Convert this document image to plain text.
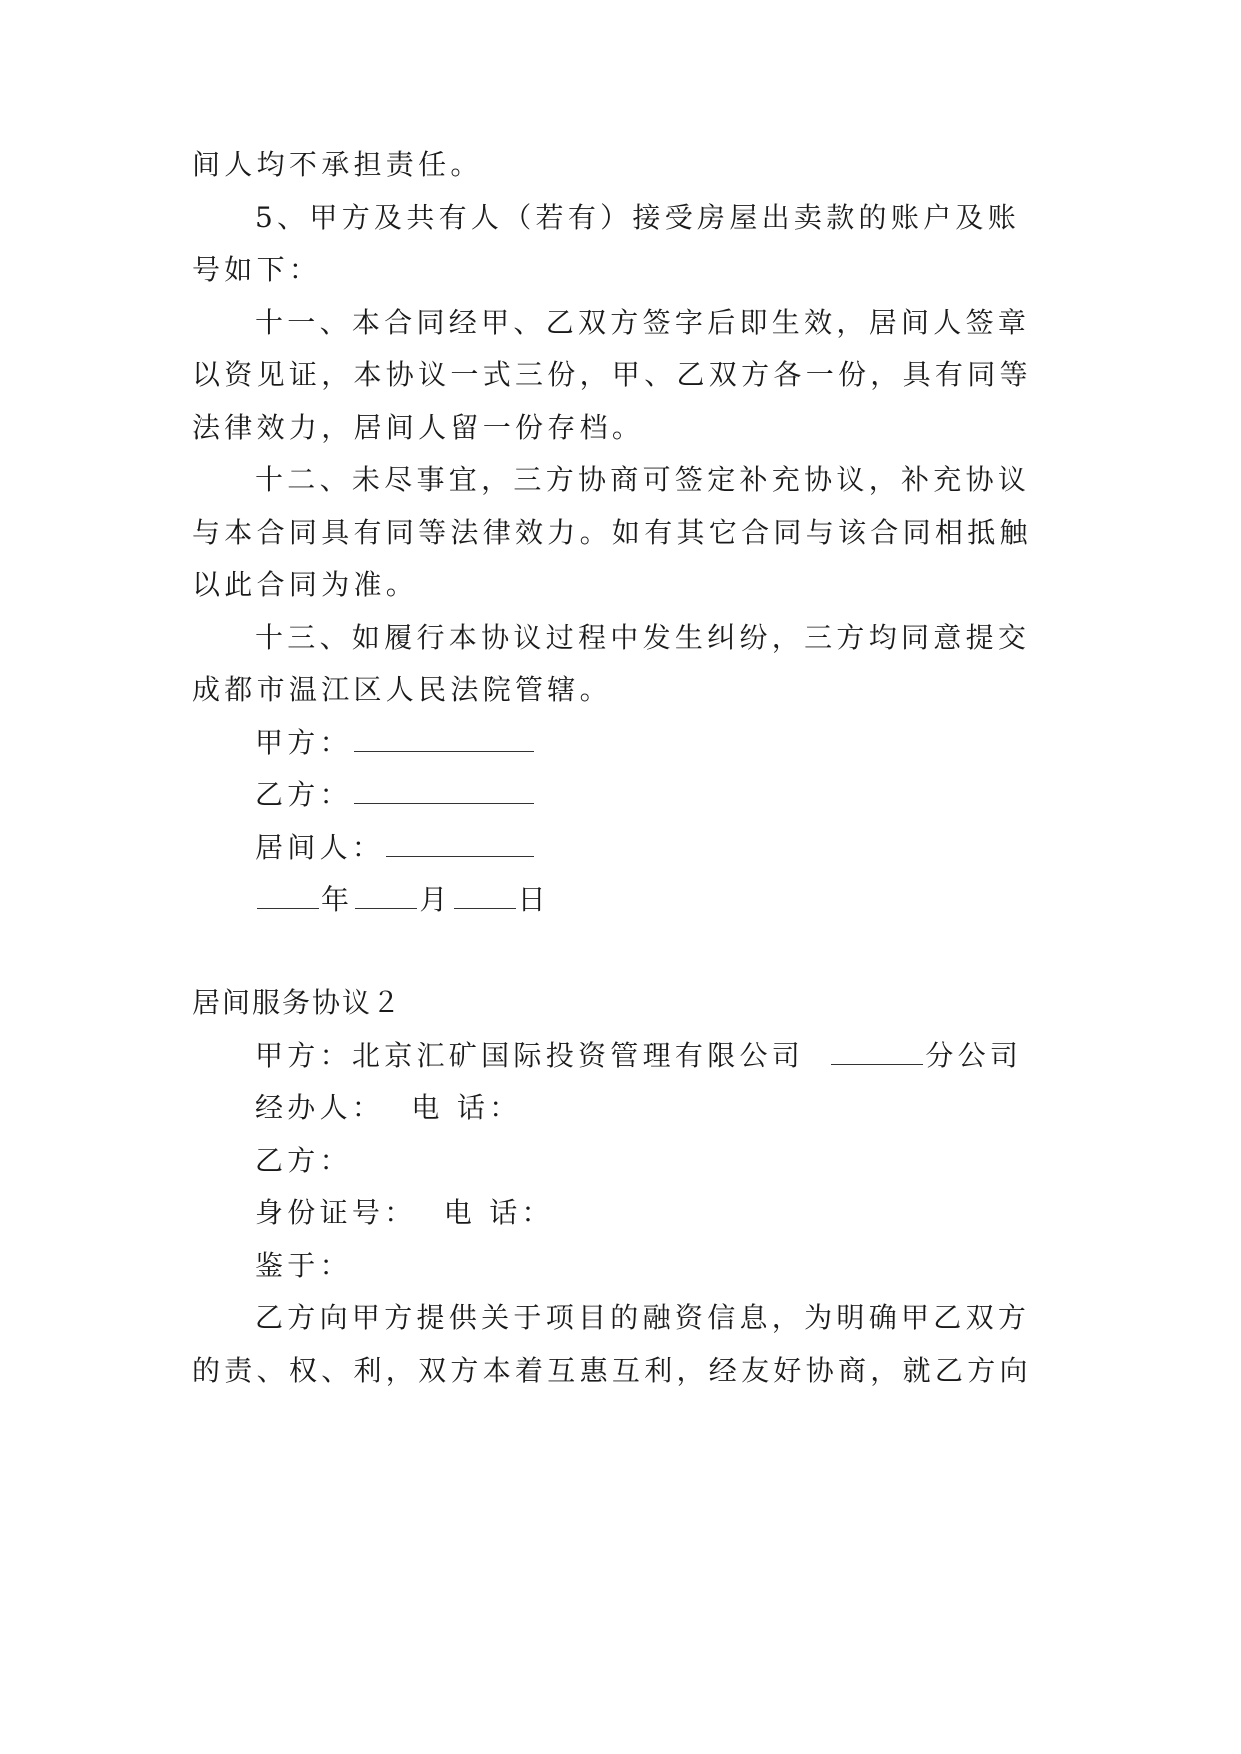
间人均不承担责任。
5、甲方及共有人（若有）接受房屋出卖款的账户及账
号如下：
十一、本合同经甲、乙双方签字后即生效，居间人签章
以资见证，本协议一式三份，甲、乙双方各一份，具有同等
法律效力，居间人留一份存档。
十二、未尽事宜，三方协商可签定补充协议，补充协议
与本合同具有同等法律效力。如有其它合同与该合同相抵触
以此合同为准。
十三、如履行本协议过程中发生纠纷，三方均同意提交
成都市温江区人民法院管辖。
甲方：
乙方：
居间人：
年 月 日
居间服务协议２
甲方：北京汇矿国际投资管理有限公司	分公司
经办人： 电 话：
乙方：
身份证号： 电 话：
鉴于：
乙方向甲方提供关于项目的融资信息，为明确甲乙双方
的责、权、利，双方本着互惠互利，经友好协商，就乙方向
